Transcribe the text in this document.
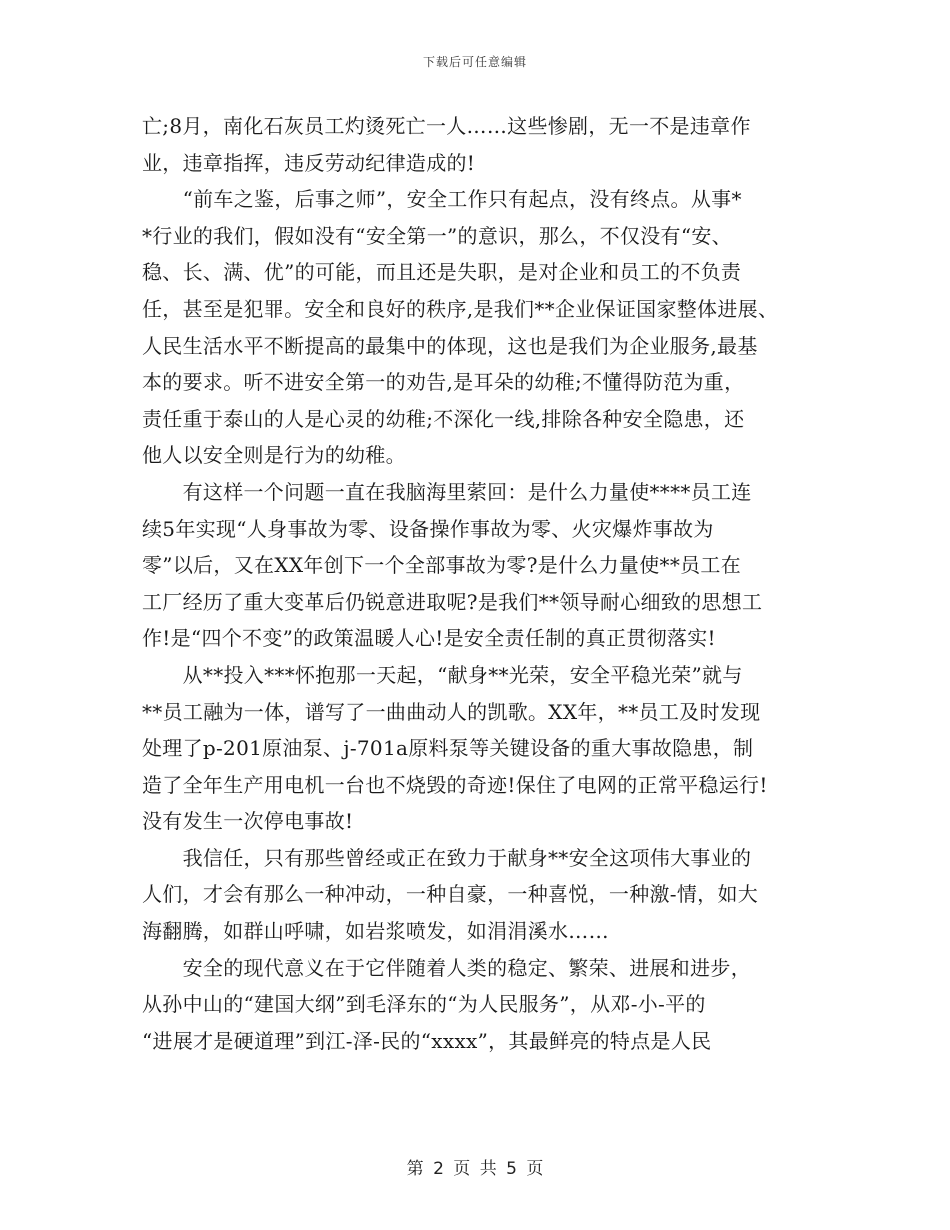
下载后可任意编辑
亡;8月，南化石灰员工灼烫死亡一人……这些惨剧，无一不是违章作
业，违章指挥，违反劳动纪律造成的!
　　“前车之鉴，后事之师”，安全工作只有起点，没有终点。从事*
*行业的我们，假如没有“安全第一”的意识，那么，不仅没有“安、
稳、长、满、优”的可能，而且还是失职，是对企业和员工的不负责
任，甚至是犯罪。安全和良好的秩序,是我们**企业保证国家整体进展、
人民生活水平不断提高的最集中的体现，这也是我们为企业服务,最基
本的要求。听不进安全第一的劝告,是耳朵的幼稚;不懂得防范为重，
责任重于泰山的人是心灵的幼稚;不深化一线,排除各种安全隐患，还
他人以安全则是行为的幼稚。
　　有这样一个问题一直在我脑海里萦回：是什么力量使****员工连
续5年实现“人身事故为零、设备操作事故为零、火灾爆炸事故为
零”以后，又在XX年创下一个全部事故为零?是什么力量使**员工在
工厂经历了重大变革后仍锐意进取呢?是我们**领导耐心细致的思想工
作!是“四个不变”的政策温暖人心!是安全责任制的真正贯彻落实!
　　从**投入***怀抱那一天起，“献身**光荣，安全平稳光荣”就与
**员工融为一体，谱写了一曲曲动人的凯歌。XX年，**员工及时发现
处理了p-201原油泵、j-701a原料泵等关键设备的重大事故隐患，制
造了全年生产用电机一台也不烧毁的奇迹!保住了电网的正常平稳运行!
没有发生一次停电事故!
　　我信任，只有那些曾经或正在致力于献身**安全这项伟大事业的
人们，才会有那么一种冲动，一种自豪，一种喜悦，一种激-情，如大
海翻腾，如群山呼啸，如岩浆喷发，如涓涓溪水……
　　安全的现代意义在于它伴随着人类的稳定、繁荣、进展和进步，
从孙中山的“建国大纲”到毛泽东的“为人民服务”，从邓-小-平的
“进展才是硬道理”到江-泽-民的“xxxx”，其最鲜亮的特点是人民
第 2 页 共 5 页
